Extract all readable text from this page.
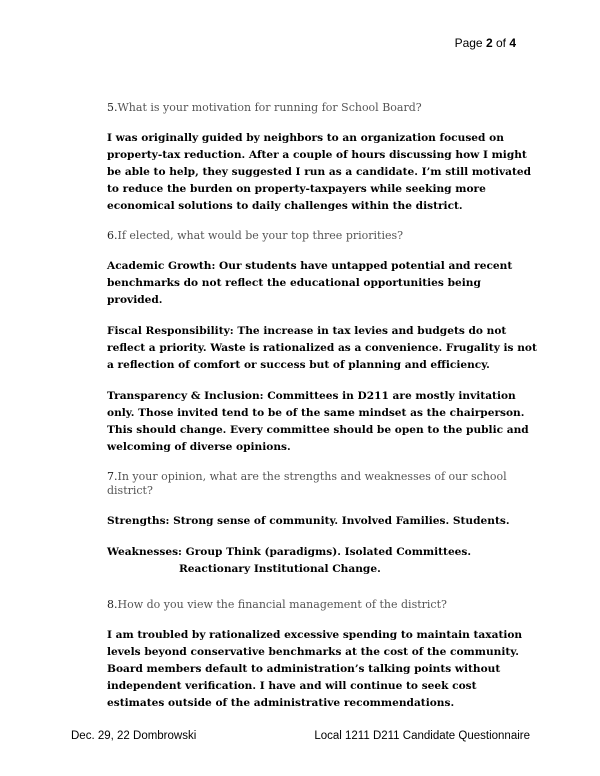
Page 2 of 4

5.What is your motivation for running for School Board?

I was originally guided by neighbors to an organization focused on property-tax reduction. After a couple of hours discussing how I might be able to help, they suggested I run as a candidate. I’m still motivated to reduce the burden on property-taxpayers while seeking more economical solutions to daily challenges within the district.

6.If elected, what would be your top three priorities?

Academic Growth: Our students have untapped potential and recent benchmarks do not reflect the educational opportunities being provided.

Fiscal Responsibility: The increase in tax levies and budgets do not reflect a priority. Waste is rationalized as a convenience. Frugality is not a reflection of comfort or success but of planning and efficiency.

Transparency & Inclusion: Committees in D211 are mostly invitation only. Those invited tend to be of the same mindset as the chairperson. This should change. Every committee should be open to the public and welcoming of diverse opinions.

7.In your opinion, what are the strengths and weaknesses of our school district?

Strengths: Strong sense of community. Involved Families. Students.

Weaknesses: Group Think (paradigms). Isolated Committees.
Reactionary Institutional Change.

8.How do you view the financial management of the district?

I am troubled by rationalized excessive spending to maintain taxation levels beyond conservative benchmarks at the cost of the community. Board members default to administration’s talking points without independent verification. I have and will continue to seek cost estimates outside of the administrative recommendations.

Dec. 29, 22 Dombrowski	Local 1211 D211 Candidate Questionnaire
